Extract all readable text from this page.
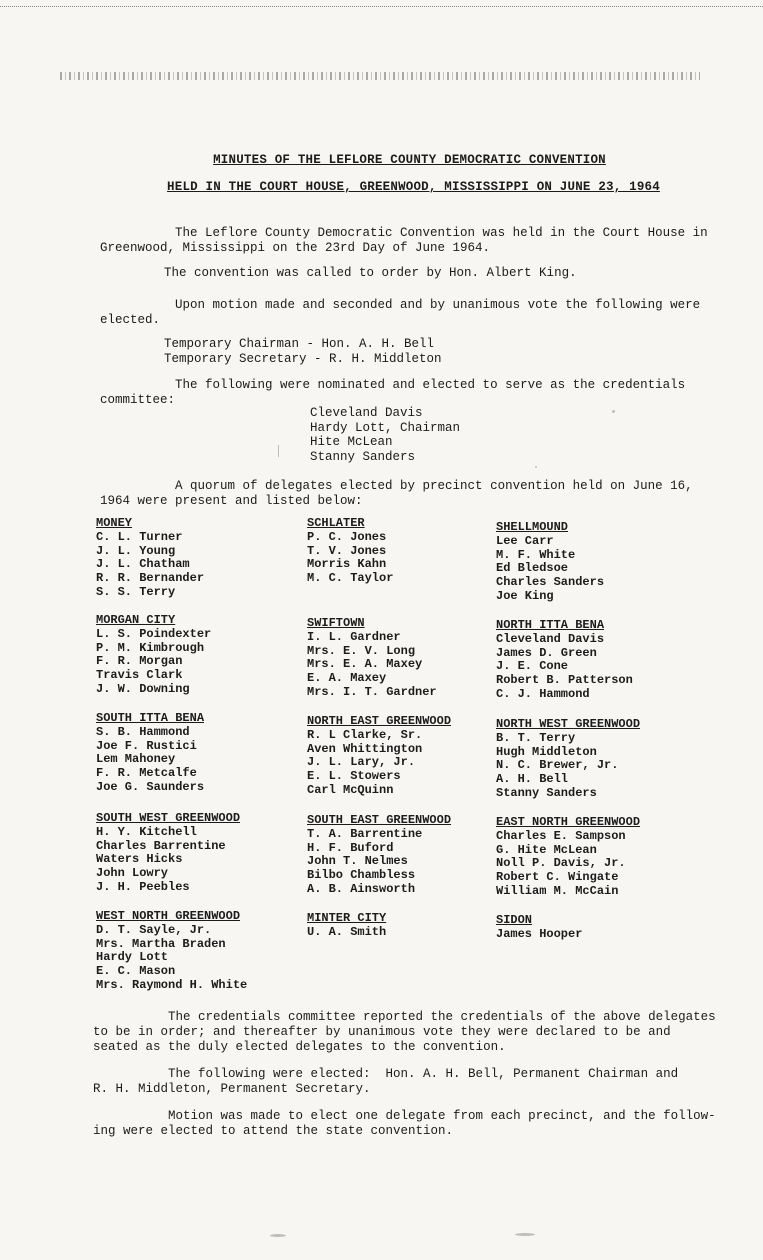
MINUTES OF THE LEFLORE COUNTY DEMOCRATIC CONVENTION
HELD IN THE COURT HOUSE, GREENWOOD, MISSISSIPPI ON JUNE 23, 1964
The Leflore County Democratic Convention was held in the Court House in
Greenwood, Mississippi on the 23rd Day of June 1964.
The convention was called to order by Hon. Albert King.
Upon motion made and seconded and by unanimous vote the following were
elected.
Temporary Chairman - Hon. A. H. Bell
Temporary Secretary - R. H. Middleton
The following were nominated and elected to serve as the credentials
committee:
Cleveland Davis
Hardy Lott, Chairman
Hite McLean
Stanny Sanders
A quorum of delegates elected by precinct convention held on June 16,
1964 were present and listed below:
MONEY
C. L. Turner
J. L. Young
J. L. Chatham
R. R. Bernander
S. S. Terry
SCHLATER
P. C. Jones
T. V. Jones
Morris Kahn
M. C. Taylor
SHELLMOUND
Lee Carr
M. F. White
Ed Bledsoe
Charles Sanders
Joe King
MORGAN CITY
L. S. Poindexter
P. M. Kimbrough
F. R. Morgan
Travis Clark
J. W. Downing
SWIFTOWN
I. L. Gardner
Mrs. E. V. Long
Mrs. E. A. Maxey
E. A. Maxey
Mrs. I. T. Gardner
NORTH ITTA BENA
Cleveland Davis
James D. Green
J. E. Cone
Robert B. Patterson
C. J. Hammond
SOUTH ITTA BENA
S. B. Hammond
Joe F. Rustici
Lem Mahoney
F. R. Metcalfe
Joe G. Saunders
NORTH EAST GREENWOOD
R. L Clarke, Sr.
Aven Whittington
J. L. Lary, Jr.
E. L. Stowers
Carl McQuinn
NORTH WEST GREENWOOD
B. T. Terry
Hugh Middleton
N. C. Brewer, Jr.
A. H. Bell
Stanny Sanders
SOUTH WEST GREENWOOD
H. Y. Kitchell
Charles Barrentine
Waters Hicks
John Lowry
J. H. Peebles
SOUTH EAST GREENWOOD
T. A. Barrentine
H. F. Buford
John T. Nelmes
Bilbo Chambless
A. B. Ainsworth
EAST NORTH GREENWOOD
Charles E. Sampson
G. Hite McLean
Noll P. Davis, Jr.
Robert C. Wingate
William M. McCain
WEST NORTH GREENWOOD
D. T. Sayle, Jr.
Mrs. Martha Braden
Hardy Lott
E. C. Mason
Mrs. Raymond H. White
MINTER CITY
U. A. Smith
SIDON
James Hooper
The credentials committee reported the credentials of the above delegates
to be in order; and thereafter by unanimous vote they were declared to be and
seated as the duly elected delegates to the convention.
The following were elected:  Hon. A. H. Bell, Permanent Chairman and
R. H. Middleton, Permanent Secretary.
Motion was made to elect one delegate from each precinct, and the follow-
ing were elected to attend the state convention.
